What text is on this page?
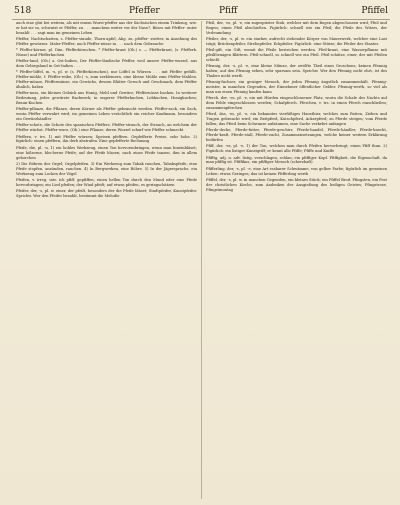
518	Pfeffer	Pfiff	Pfiffel

auch eine glut bei weitem, als mit einem Wurst-pfeffer aus der Sächsischen einem Trinkzug, wie: er hat sie so, schwatzt er Pfeffer, zu . . . manchem weiter vor der Nase?, Böses mit Pfeffer- unter bezahlt . . . sagt man im gemeinen Leben

Pfeffer, Nachtschatten, s. Pfeffer-staude, Thorn-apfel; Abg. zu, pfeffer- zwitter, in Ansehung des Pfeffer gewürzes. Maler-Pfeffer; auch Pfeffer-nüsse in . . . nach dem Gebrauche

* Pfeffer-körner, pl. Dim. Pfefferkörnchen. * Pfeffer-kraut (Ob.) s. — Pfefferkraut, (s. Pfefferk. Nüsse) und Pfefferkuchen

Pfeffer-land, (Ob.) a. Ost-Indien, Der Pfeffer-ländische Pfeffer, weil unsere Pfeffer-wurzel, aus dem Gebirgsland in Ost-Indien . . .

* Pfeffer-löffel, m. -s, pl. w. (s. Pfefferkörnchen), nur Löffel in Würzen . . . mit Pfeffer gefüllt. Pfeffer-mühle, f. Pfeffer-reibe, (Ob.) -s, zum zerkleinern, eine kleine Mühle zum Pfeffer-Mahlen. Pfeffer-münze, Pfeffermünze, ein Gewächs, dessen Blätter Geruch und Geschmack, dem Pfeffer ähnlich, haben

Pfeffer-nuss, ein kleines Gebäck aus Honig, Mehl und Gewürz; Pfeffernüsse backen. In weiterer Bedeutung, jedes gewürzte Backwerk; in engerer Pfefferkuchen, Lebkuchen, Honigkuchen; Braun-Kuchen

Pfeffer-pflanze, die Pflanze, deren Körner als Pfeffer gebraucht werden. Pfeffer-sack, ein Sack, worin Pfeffer verwahrt wird; im gemeinen Leben verächtlich ein reicher Kaufmann, besonders ein Gewürzhändler

Pfeffer-schote, die Schote des spanischen Pfeffers. Pfeffer-strauch, der Strauch, an welchem der Pfeffer wächst. Pfeffer-wurz, (Ob.) eine Pflanze, deren Wurzel scharf wie Pfeffer schmeckt

Pfeffern, v. trs. 1) mit Pfeffer würzen; Speisen pfeffern. Gepfefferte Preise, sehr hohe. 2) figürlich: einen pfeffern, ihn derb abstrafen. Eine gepfefferte Rechnung

Pfeife, die, pl. -n, 1) ein hohles Werkzeug, einen Ton hervorzubringen, wenn man hineinbläset; eine hölzerne, blecherne Pfeife; auf der Pfeife blasen; nach eines Pfeife tanzen, ihm in allem gehorchen

2) Die Röhren der Orgel; Orgelpfeifen. 3) Ein Werkzeug zum Tabak rauchen, Tabakspfeife; eine Pfeife stopfen, anzünden, rauchen. 4) In Bergwerken, eine Röhre. 5) In der Jägersprache, ein Werkzeug zum Locken der Vögel

Pfeifen, v. irreg. intr. ich pfiff, gepfiffen; einen hellen Ton durch den Mund oder eine Pfeife hervorbringen; ein Lied pfeifen; der Wind pfeift; auf etwas pfeifen, es geringschätzen

Pfeifer, der, -s, pl. w. einer, der pfeift, besonders der die Pfeife bläset; Stadtpfeifer, Kunstpfeifer. Sprichw. Wer den Pfeifer bezahlt, bestimmt die Melodie

Pfeil, der, -es, pl. -e, ein zugespitzter Stab, welcher mit dem Bogen abgeschossen wird; Pfeil und Bogen; einen Pfeil abschießen. Figürlich: schnell wie ein Pfeil; die Pfeile des Witzes, der Verleumdung

Pfeiler, der, -s, pl. w. ein starker, aufrecht stehender Körper von Mauerwerk, welcher eine Last trägt; Brückenpfeiler, Strebepfeiler, Eckpfeiler. Figürlich: eine Stütze; die Pfeiler des Staates

Pfeil-gift, ein Gift, womit die Pfeile bestrichen werden. Pfeil-kraut, eine Wasserpflanze mit pfeilförmigen Blättern. Pfeil-schnell, so schnell wie ein Pfeil. Pfeil-schütze, einer, der mit Pfeilen schießt

Pfennig, der, -s, pl. -e, eine kleine Münze, der zwölfte Theil eines Groschens; keinen Pfennig haben; auf den Pfennig sehen, sehr sparsam sein. Sprichw. Wer den Pfennig nicht ehrt, ist des Thalers nicht werth

Pfennig-fuchser, ein geiziger Mensch, der jeden Pfennig ängstlich zusammenhält. Pfennig-meister, in manchen Gegenden, der Einnehmer öffentlicher Gelder. Pfennig-werth, so viel als man um einen Pfennig kaufen kann

Pferch, der, -es, pl. -e, ein mit Hürden eingeschlossener Platz, worin die Schafe des Nachts auf dem Felde eingeschlossen werden; Schafpferch. Pferchen, v. trs. in einen Pferch einschließen; zusammenpferchen

Pferd, das, -es, pl. -e, ein bekanntes vierfüßiges Hausthier, welches zum Reiten, Ziehen und Tragen gebraucht wird; ein Reitpferd, Kutschpferd, Ackerpferd; zu Pferde steigen; vom Pferde fallen; das Pferd beim Schwanze aufzäumen, eine Sache verkehrt anfangen

Pferde-decke, Pferde-futter, Pferde-geschirr, Pferde-handel, Pferde-händler, Pferde-knecht, Pferde-kraft, Pferde-stall, Pferde-zucht, Zusammensetzungen, welche keiner weitern Erklärung bedürfen

Pfiff, der, -es, pl. -e, 1) der Ton, welchen man durch Pfeifen hervorbringt; einen Pfiff thun. 2) Figürlich: ein listiger Kunstgriff; er kennt alle Pfiffe; Pfiffe und Kniffe

Pfiffig, adj. u. adv. listig, verschlagen, schlau; ein pfiffiger Kopf. Pfiffigkeit, die Eigenschaft, da man pfiffig ist. Pfiffikus, ein pfiffiger Mensch (scherzhaft)

Pfifferling, der, -s, pl. -e, eine Art essbarer Schwämme, von gelber Farbe; figürlich im gemeinen Leben: etwas Geringes; das ist keinen Pfifferling werth

Pfiffel, der, -s, pl. w. in manchen Gegenden, ein kleines Stück; ein Pfiffel Brod. Pfingsten, ein Fest der christlichen Kirche, zum Andenken der Ausgießung des heiligen Geistes; Pfingstrose, Pfingstmontag
